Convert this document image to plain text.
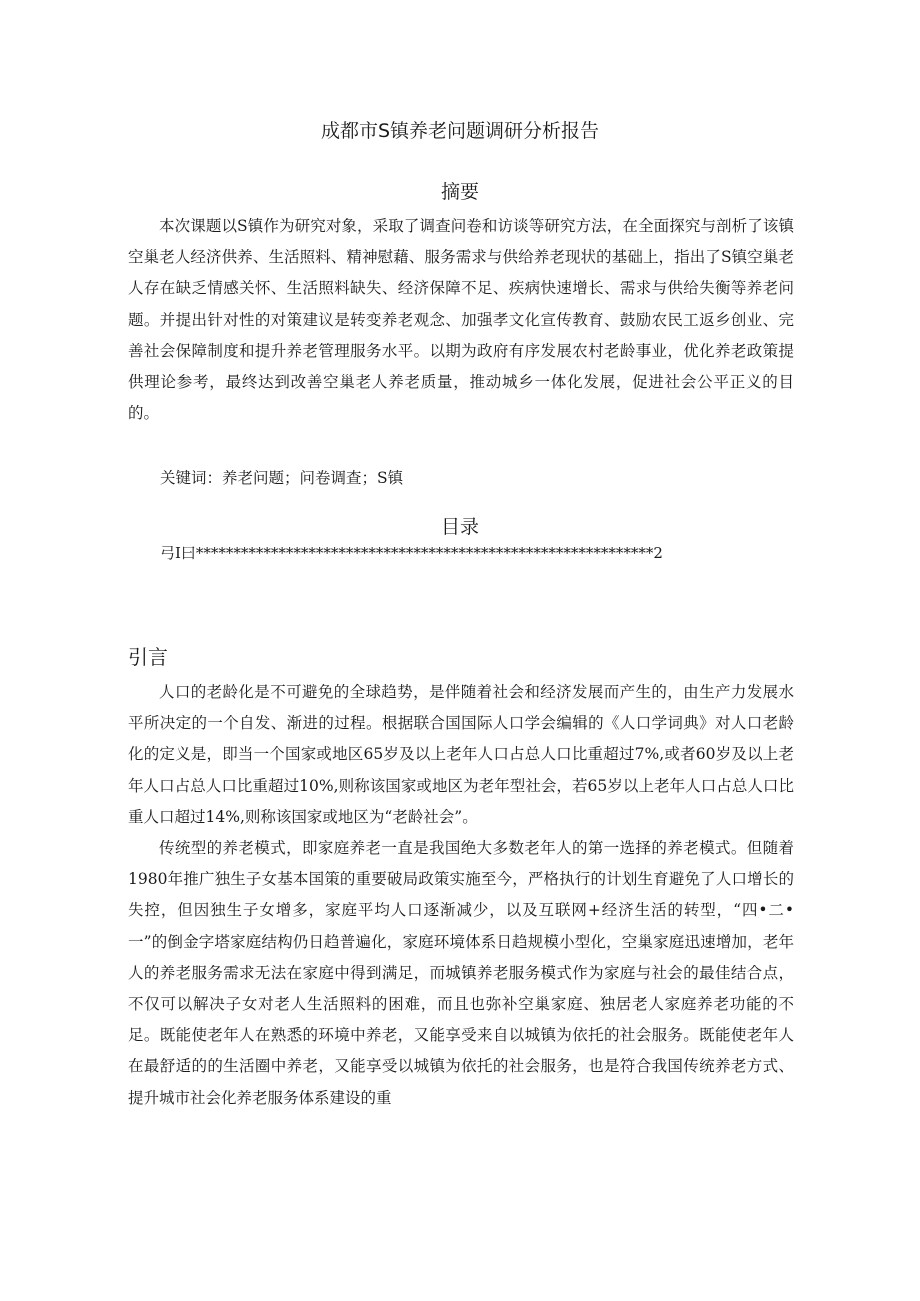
成都市S镇养老问题调研分析报告
摘要

本次课题以S镇作为研究对象，采取了调查问卷和访谈等研究方法，在全面探究与剖析了该镇空巢老人经济供养、生活照料、精神慰藉、服务需求与供给养老现状的基础上，指出了S镇空巢老人存在缺乏情感关怀、生活照料缺失、经济保障不足、疾病快速增长、需求与供给失衡等养老问题。并提出针对性的对策建议是转变养老观念、加强孝文化宣传教育、鼓励农民工返乡创业、完善社会保障制度和提升养老管理服务水平。以期为政府有序发展农村老龄事业，优化养老政策提供理论参考，最终达到改善空巢老人养老质量，推动城乡一体化发展，促进社会公平正义的目的。

关键词：养老问题；问卷调查；S镇
目录
弓I曰*************************************************************2
引言

人口的老龄化是不可避免的全球趋势，是伴随着社会和经济发展而产生的，由生产力发展水平所决定的一个自发、渐进的过程。根据联合国国际人口学会编辑的《人口学词典》对人口老龄化的定义是，即当一个国家或地区65岁及以上老年人口占总人口比重超过7%,或者60岁及以上老年人口占总人口比重超过10%,则称该国家或地区为老年型社会，若65岁以上老年人口占总人口比重人口超过14%,则称该国家或地区为“老龄社会”。

传统型的养老模式，即家庭养老一直是我国绝大多数老年人的第一选择的养老模式。但随着1980年推广独生子女基本国策的重要破局政策实施至今，严格执行的计划生育避免了人口增长的失控，但因独生子女增多，家庭平均人口逐渐减少，以及互联网+经济生活的转型，“四•二•一”的倒金字塔家庭结构仍日趋普遍化，家庭环境体系日趋规模小型化，空巢家庭迅速增加，老年人的养老服务需求无法在家庭中得到满足，而城镇养老服务模式作为家庭与社会的最佳结合点，不仅可以解决子女对老人生活照料的困难，而且也弥补空巢家庭、独居老人家庭养老功能的不足。既能使老年人在熟悉的环境中养老，又能享受来自以城镇为依托的社会服务。既能使老年人在最舒适的的生活圈中养老，又能享受以城镇为依托的社会服务，也是符合我国传统养老方式、提升城市社会化养老服务体系建设的重
